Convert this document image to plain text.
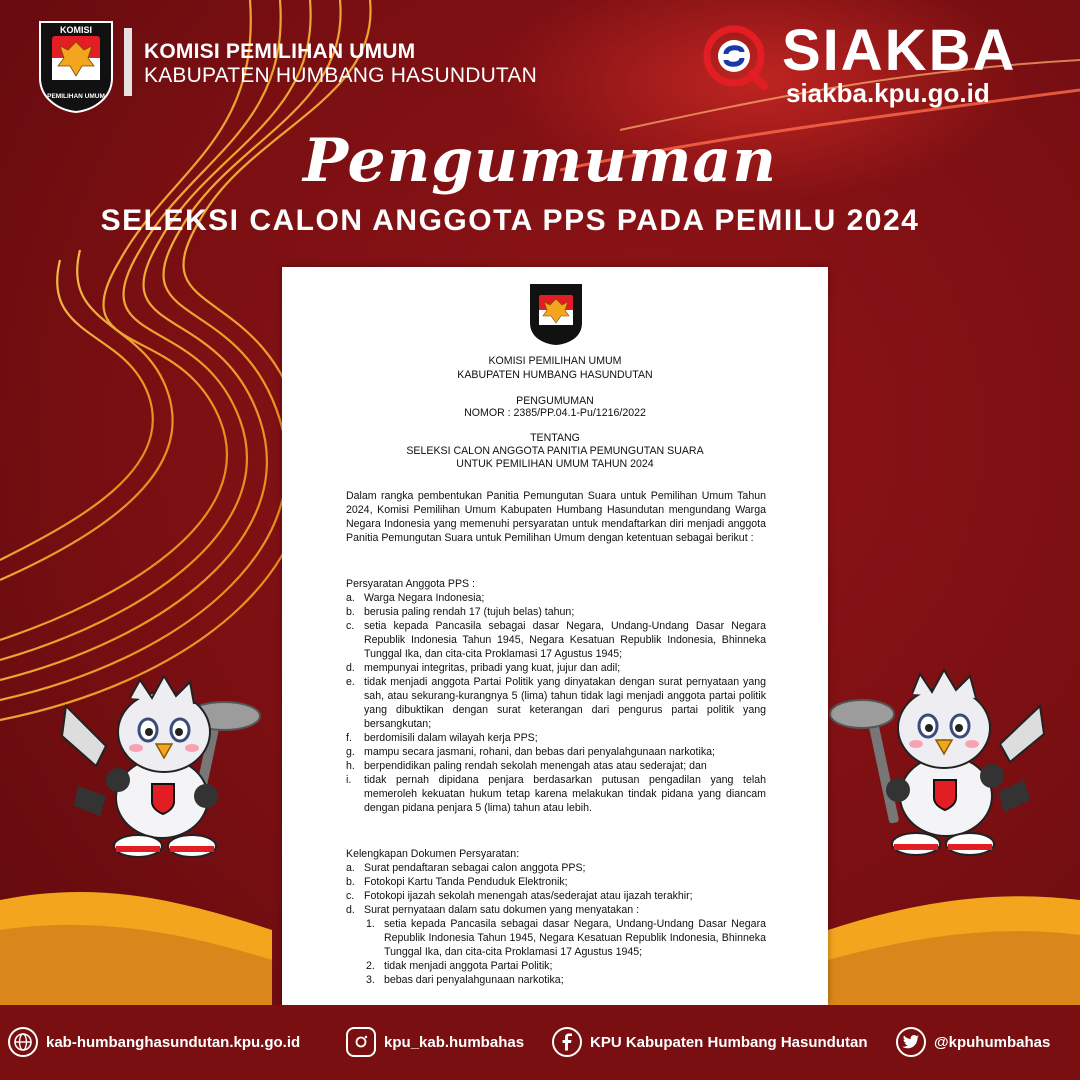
KOMISI
PEMILIHAN UMUM
KOMISI PEMILIHAN UMUM
KABUPATEN HUMBANG HASUNDUTAN	SIAKBA
siakba.kpu.go.id
Pengumuman
SELEKSI CALON ANGGOTA PPS PADA PEMILU 2024
KOMISI PEMILIHAN UMUM
KABUPATEN HUMBANG HASUNDUTAN
PENGUMUMAN
NOMOR : 2385/PP.04.1-Pu/1216/2022
TENTANG
SELEKSI CALON ANGGOTA PANITIA PEMUNGUTAN SUARA
UNTUK PEMILIHAN UMUM TAHUN 2024
Dalam rangka pembentukan Panitia Pemungutan Suara untuk Pemilihan Umum Tahun 2024, Komisi Pemilihan Umum Kabupaten Humbang Hasundutan mengundang Warga Negara Indonesia yang memenuhi persyaratan untuk mendaftarkan diri menjadi anggota Panitia Pemungutan Suara untuk Pemilihan Umum dengan ketentuan sebagai berikut :
Persyaratan Anggota PPS :
a. Warga Negara Indonesia;
b. berusia paling rendah 17 (tujuh belas) tahun;
c. setia kepada Pancasila sebagai dasar Negara, Undang-Undang Dasar Negara Republik Indonesia Tahun 1945, Negara Kesatuan Republik Indonesia, Bhinneka Tunggal Ika, dan cita-cita Proklamasi 17 Agustus 1945;
d. mempunyai integritas, pribadi yang kuat, jujur dan adil;
e. tidak menjadi anggota Partai Politik yang dinyatakan dengan surat pernyataan yang sah, atau sekurang-kurangnya 5 (lima) tahun tidak lagi menjadi anggota partai politik yang dibuktikan dengan surat keterangan dari pengurus partai politik yang bersangkutan;
f. berdomisili dalam wilayah kerja PPS;
g. mampu secara jasmani, rohani, dan bebas dari penyalahgunaan narkotika;
h. berpendidikan paling rendah sekolah menengah atas atau sederajat; dan
i. tidak pernah dipidana penjara berdasarkan putusan pengadilan yang telah memeroleh kekuatan hukum tetap karena melakukan tindak pidana yang diancam dengan pidana penjara 5 (lima) tahun atau lebih.
Kelengkapan Dokumen Persyaratan:
a. Surat pendaftaran sebagai calon anggota PPS;
b. Fotokopi Kartu Tanda Penduduk Elektronik;
c. Fotokopi ijazah sekolah menengah atas/sederajat atau ijazah terakhir;
d. Surat pernyataan dalam satu dokumen yang menyatakan :
1. setia kepada Pancasila sebagai dasar Negara, Undang-Undang Dasar Negara Republik Indonesia Tahun 1945, Negara Kesatuan Republik Indonesia, Bhinneka Tunggal Ika, dan cita-cita Proklamasi 17 Agustus 1945;
2. tidak menjadi anggota Partai Politik;
3. bebas dari penyalahgunaan narkotika;
kab-humbanghasundutan.kpu.go.id	kpu_kab.humbahas	KPU Kabupaten Humbang Hasundutan	@kpuhumbahas
